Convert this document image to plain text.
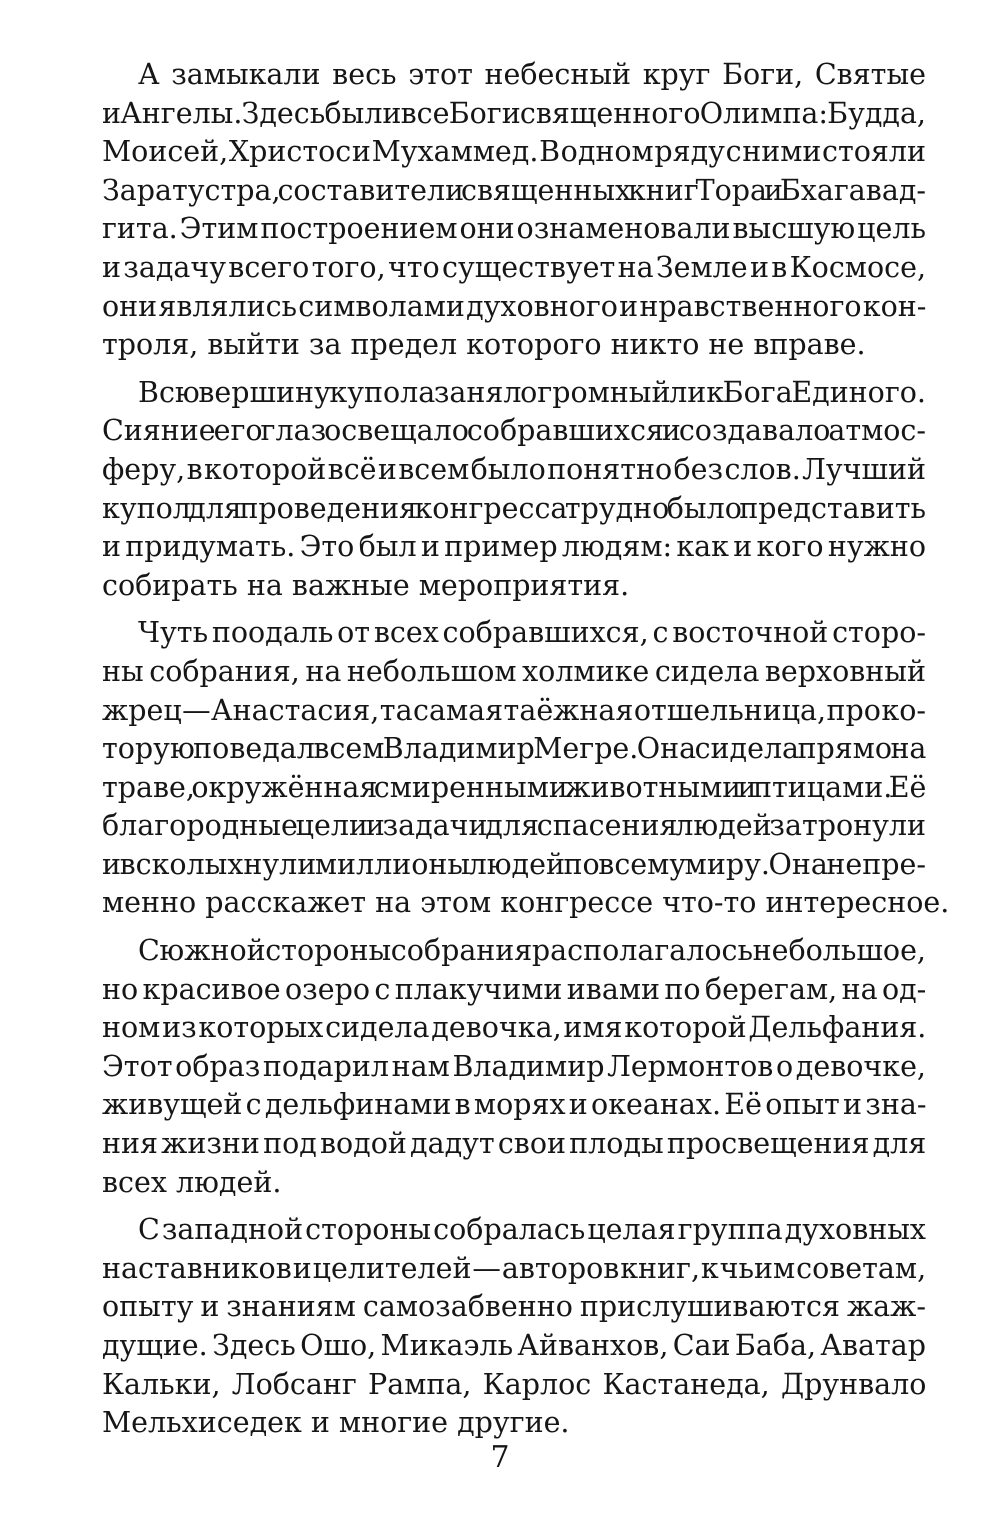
А замыкали весь этот небесный круг Боги, Святые
и Ангелы. Здесь были все Боги священного Олимпа: Будда,
Моисей, Христос и Мухаммед. В одном ряду с ними стояли
Заратустра, составители священных книг Тора и Бхагавад-
гита. Этим построением они ознаменовали высшую цель
и задачу всего того, что существует на Земле и в Космосе,
они являлись символами духовного и нравственного кон-
троля, выйти за предел которого никто не вправе.
Всю вершину купола занял огромный лик Бога Единого.
Сияние его глаз освещало собравшихся и создавало атмос-
феру, в которой всё и всем было понятно без слов. Лучший
купол для проведения конгресса трудно было представить
и придумать. Это был и пример людям: как и кого нужно
собирать на важные мероприятия.
Чуть поодаль от всех собравшихся, с восточной сторо-
ны собрания, на небольшом холмике сидела верховный
жрец — Анастасия, та самая таёжная отшельница, про ко-
торую поведал всем Владимир Мегре. Она сидела прямо на
траве, окружённая смиренными животными и птицами. Её
благородные цели и задачи для спасения людей затронули
и всколыхнули миллионы людей по всему миру. Она непре-
менно расскажет на этом конгрессе что-то интересное.
С южной стороны собрания располагалось небольшое,
но красивое озеро с плакучими ивами по берегам, на од-
ном из которых сидела девочка, имя которой Дельфания.
Этот образ подарил нам Владимир Лермонтов о девочке,
живущей с дельфинами в морях и океанах. Её опыт и зна-
ния жизни под водой дадут свои плоды просвещения для
всех людей.
С западной стороны собралась целая группа духовных
наставников и целителей — авторов книг, к чьим советам,
опыту и знаниям самозабвенно прислушиваются жаж-
дущие. Здесь Ошо, Микаэль Айванхов, Саи Баба, Аватар
Кальки, Лобсанг Рампа, Карлос Кастанеда, Друнвало
Мельхиседек и многие другие.
7
